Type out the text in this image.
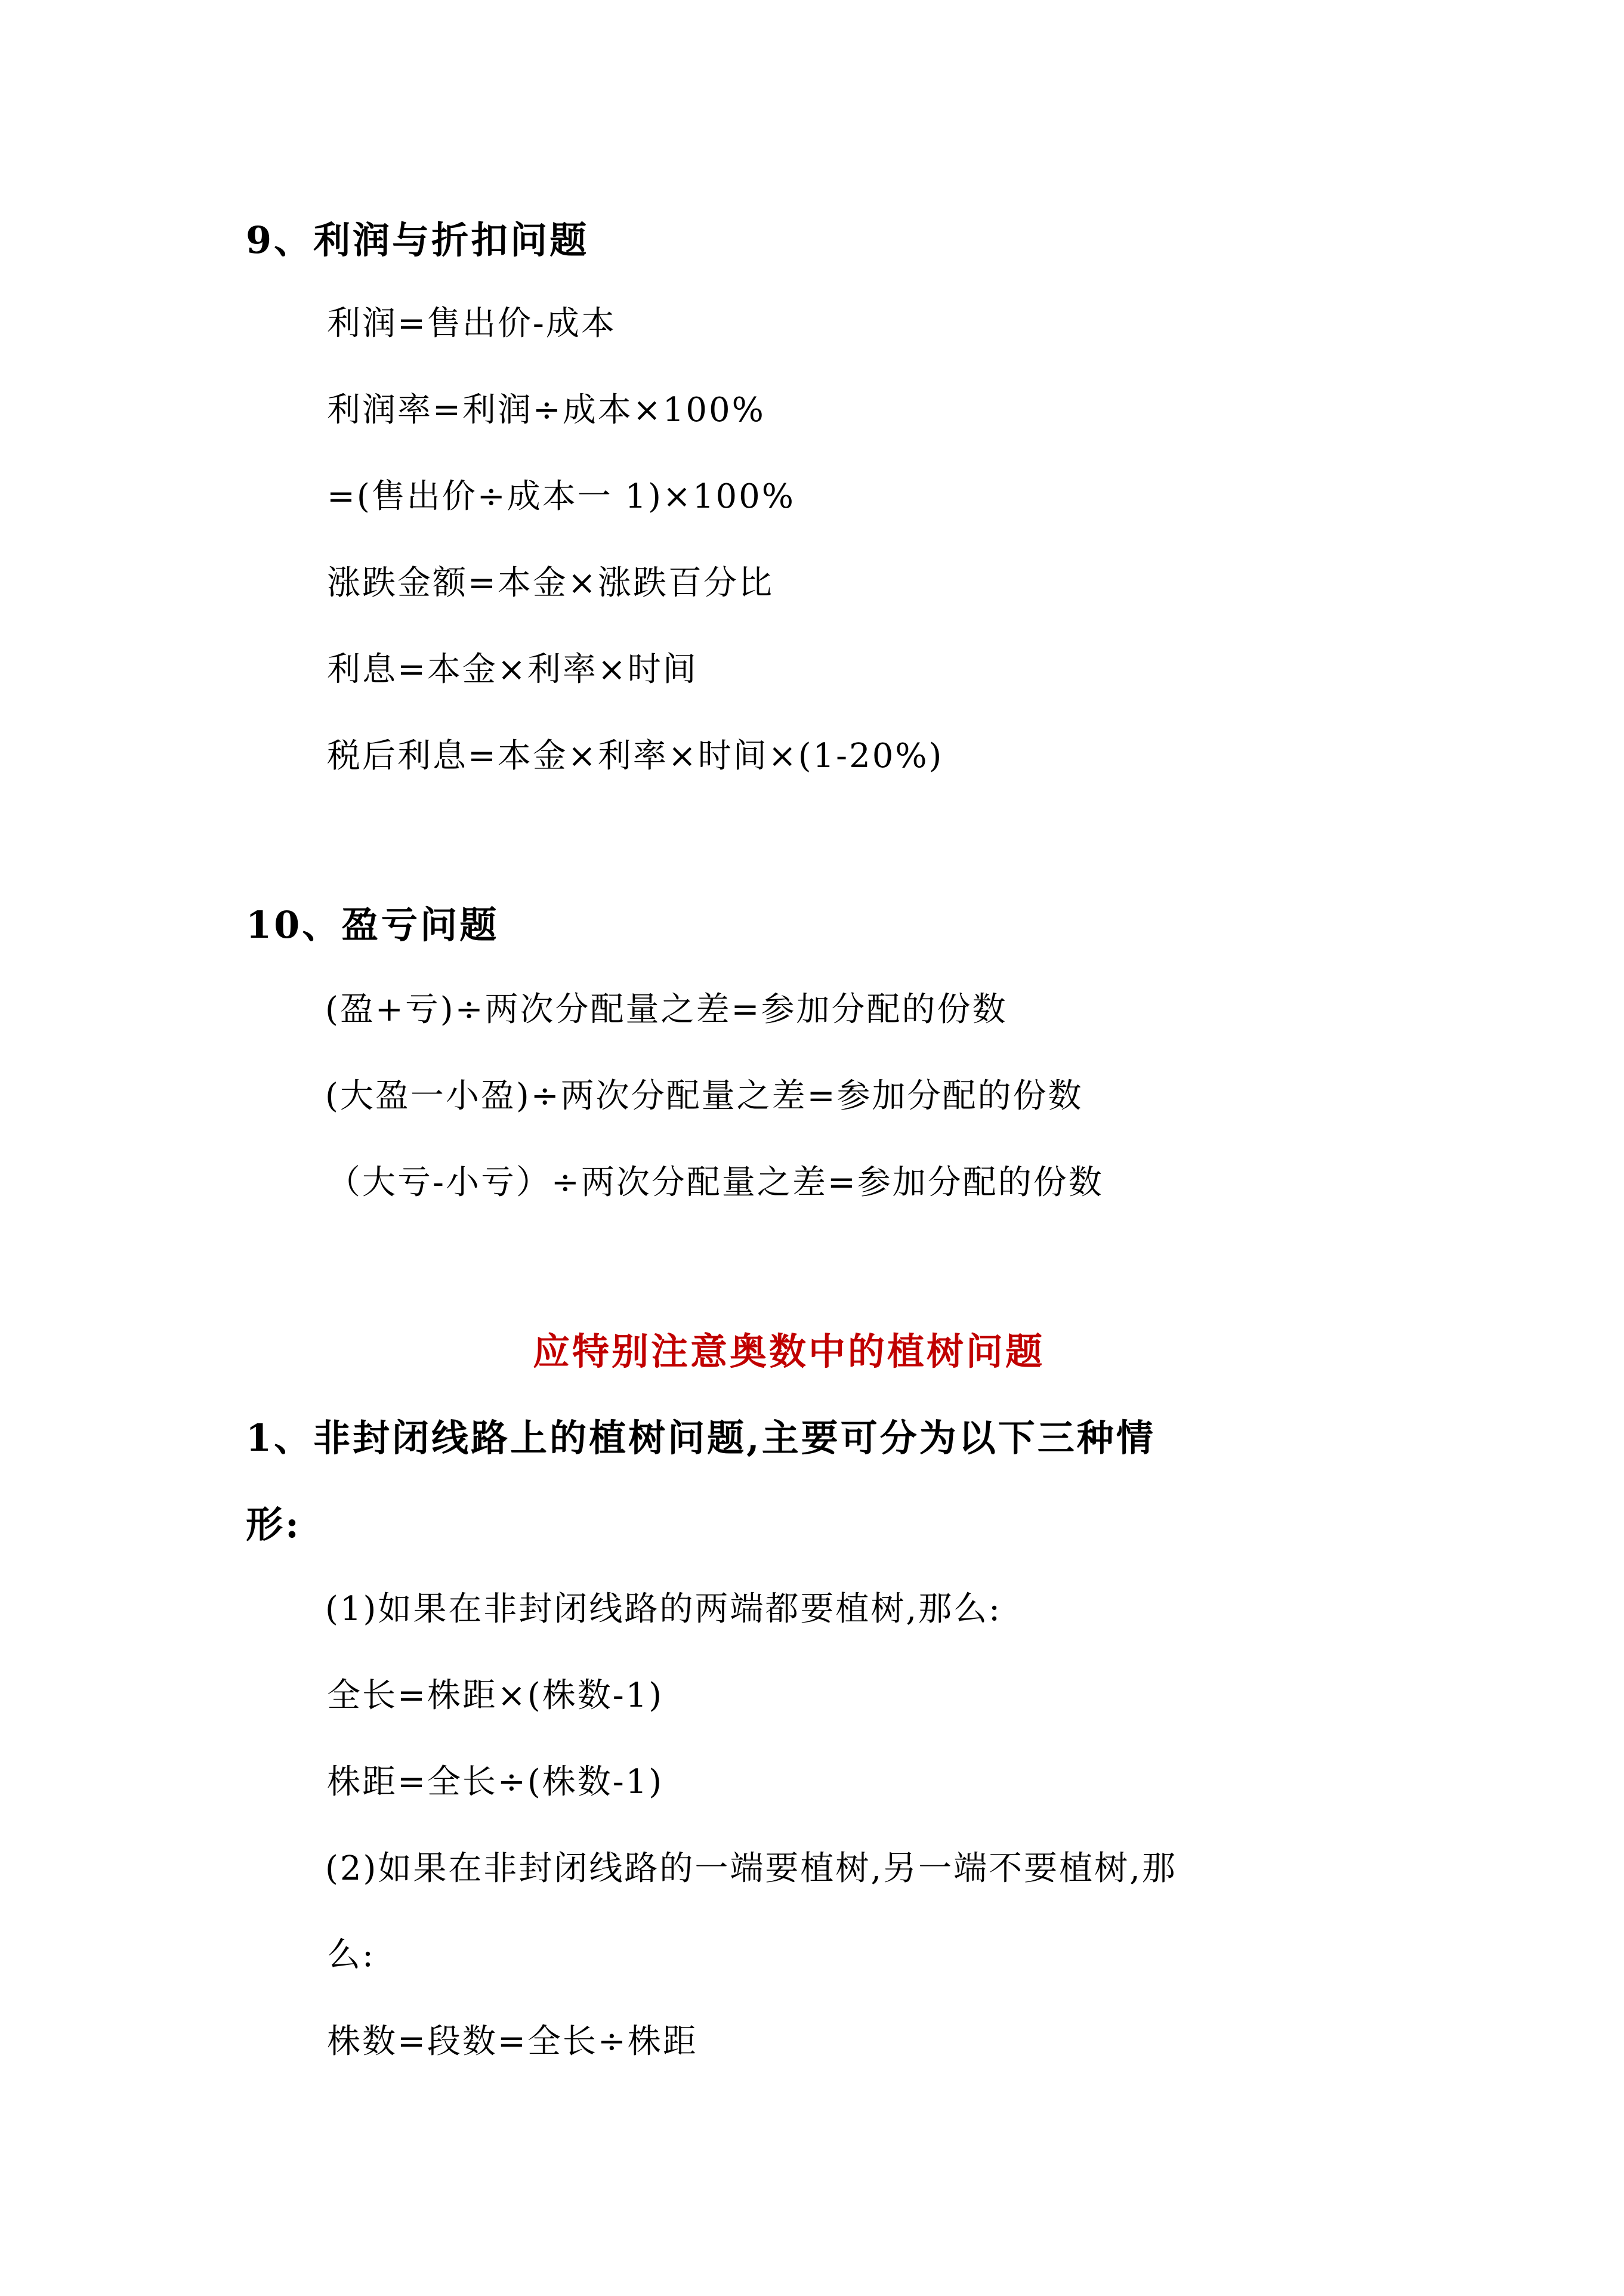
9、利润与折扣问题
利润=售出价-成本
利润率=利润÷成本×100%
=(售出价÷成本一 1)×100%
涨跌金额=本金×涨跌百分比
利息=本金×利率×时间
税后利息=本金×利率×时间×(1-20%)
10、盈亏问题
(盈+亏)÷两次分配量之差=参加分配的份数
(大盈一小盈)÷两次分配量之差=参加分配的份数
（大亏-小亏）÷两次分配量之差=参加分配的份数
应特别注意奥数中的植树问题
1、非封闭线路上的植树问题,主要可分为以下三种情
形:
(1)如果在非封闭线路的两端都要植树,那么:
全长=株距×(株数-1)
株距=全长÷(株数-1)
(2)如果在非封闭线路的一端要植树,另一端不要植树,那
么:
株数=段数=全长÷株距
